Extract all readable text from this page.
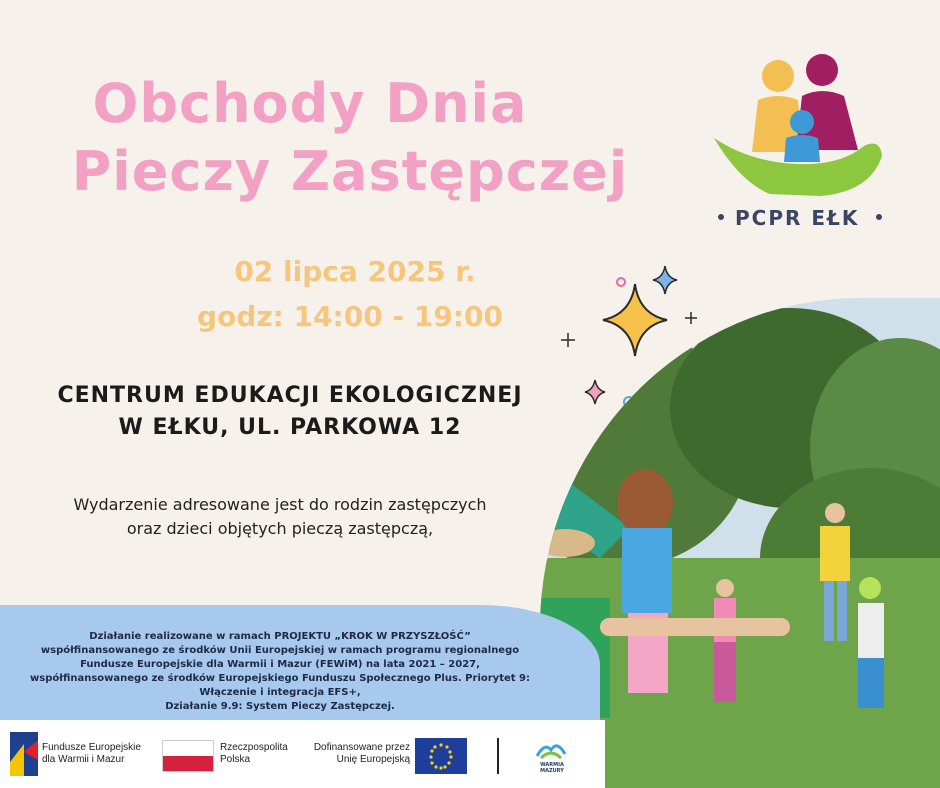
Obchody Dnia
Pieczy Zastępczej
02 lipca 2025 r.
godz: 14:00 - 19:00
CENTRUM EDUKACJI EKOLOGICZNEJ
W EŁKU, UL. PARKOWA 12
Wydarzenie adresowane jest do rodzin zastępczych
oraz dzieci objętych pieczą zastępczą,
PCPR EŁK
Działanie realizowane w ramach PROJEKTU „KROK W PRZYSZŁOŚĆ”
współfinansowanego ze środków Unii Europejskiej w ramach programu regionalnego
Fundusze Europejskie dla Warmii i Mazur (FEWiM) na lata 2021 – 2027,
współfinansowanego ze środków Europejskiego Funduszu Społecznego Plus. Priorytet 9:
Włączenie i integracja EFS+,
Działanie 9.9: System Pieczy Zastępczej.
Fundusze Europejskie
dla Warmii i Mazur
Rzeczpospolita
Polska
Dofinansowane przez
Unię Europejską	WARMIA
MAZURY
